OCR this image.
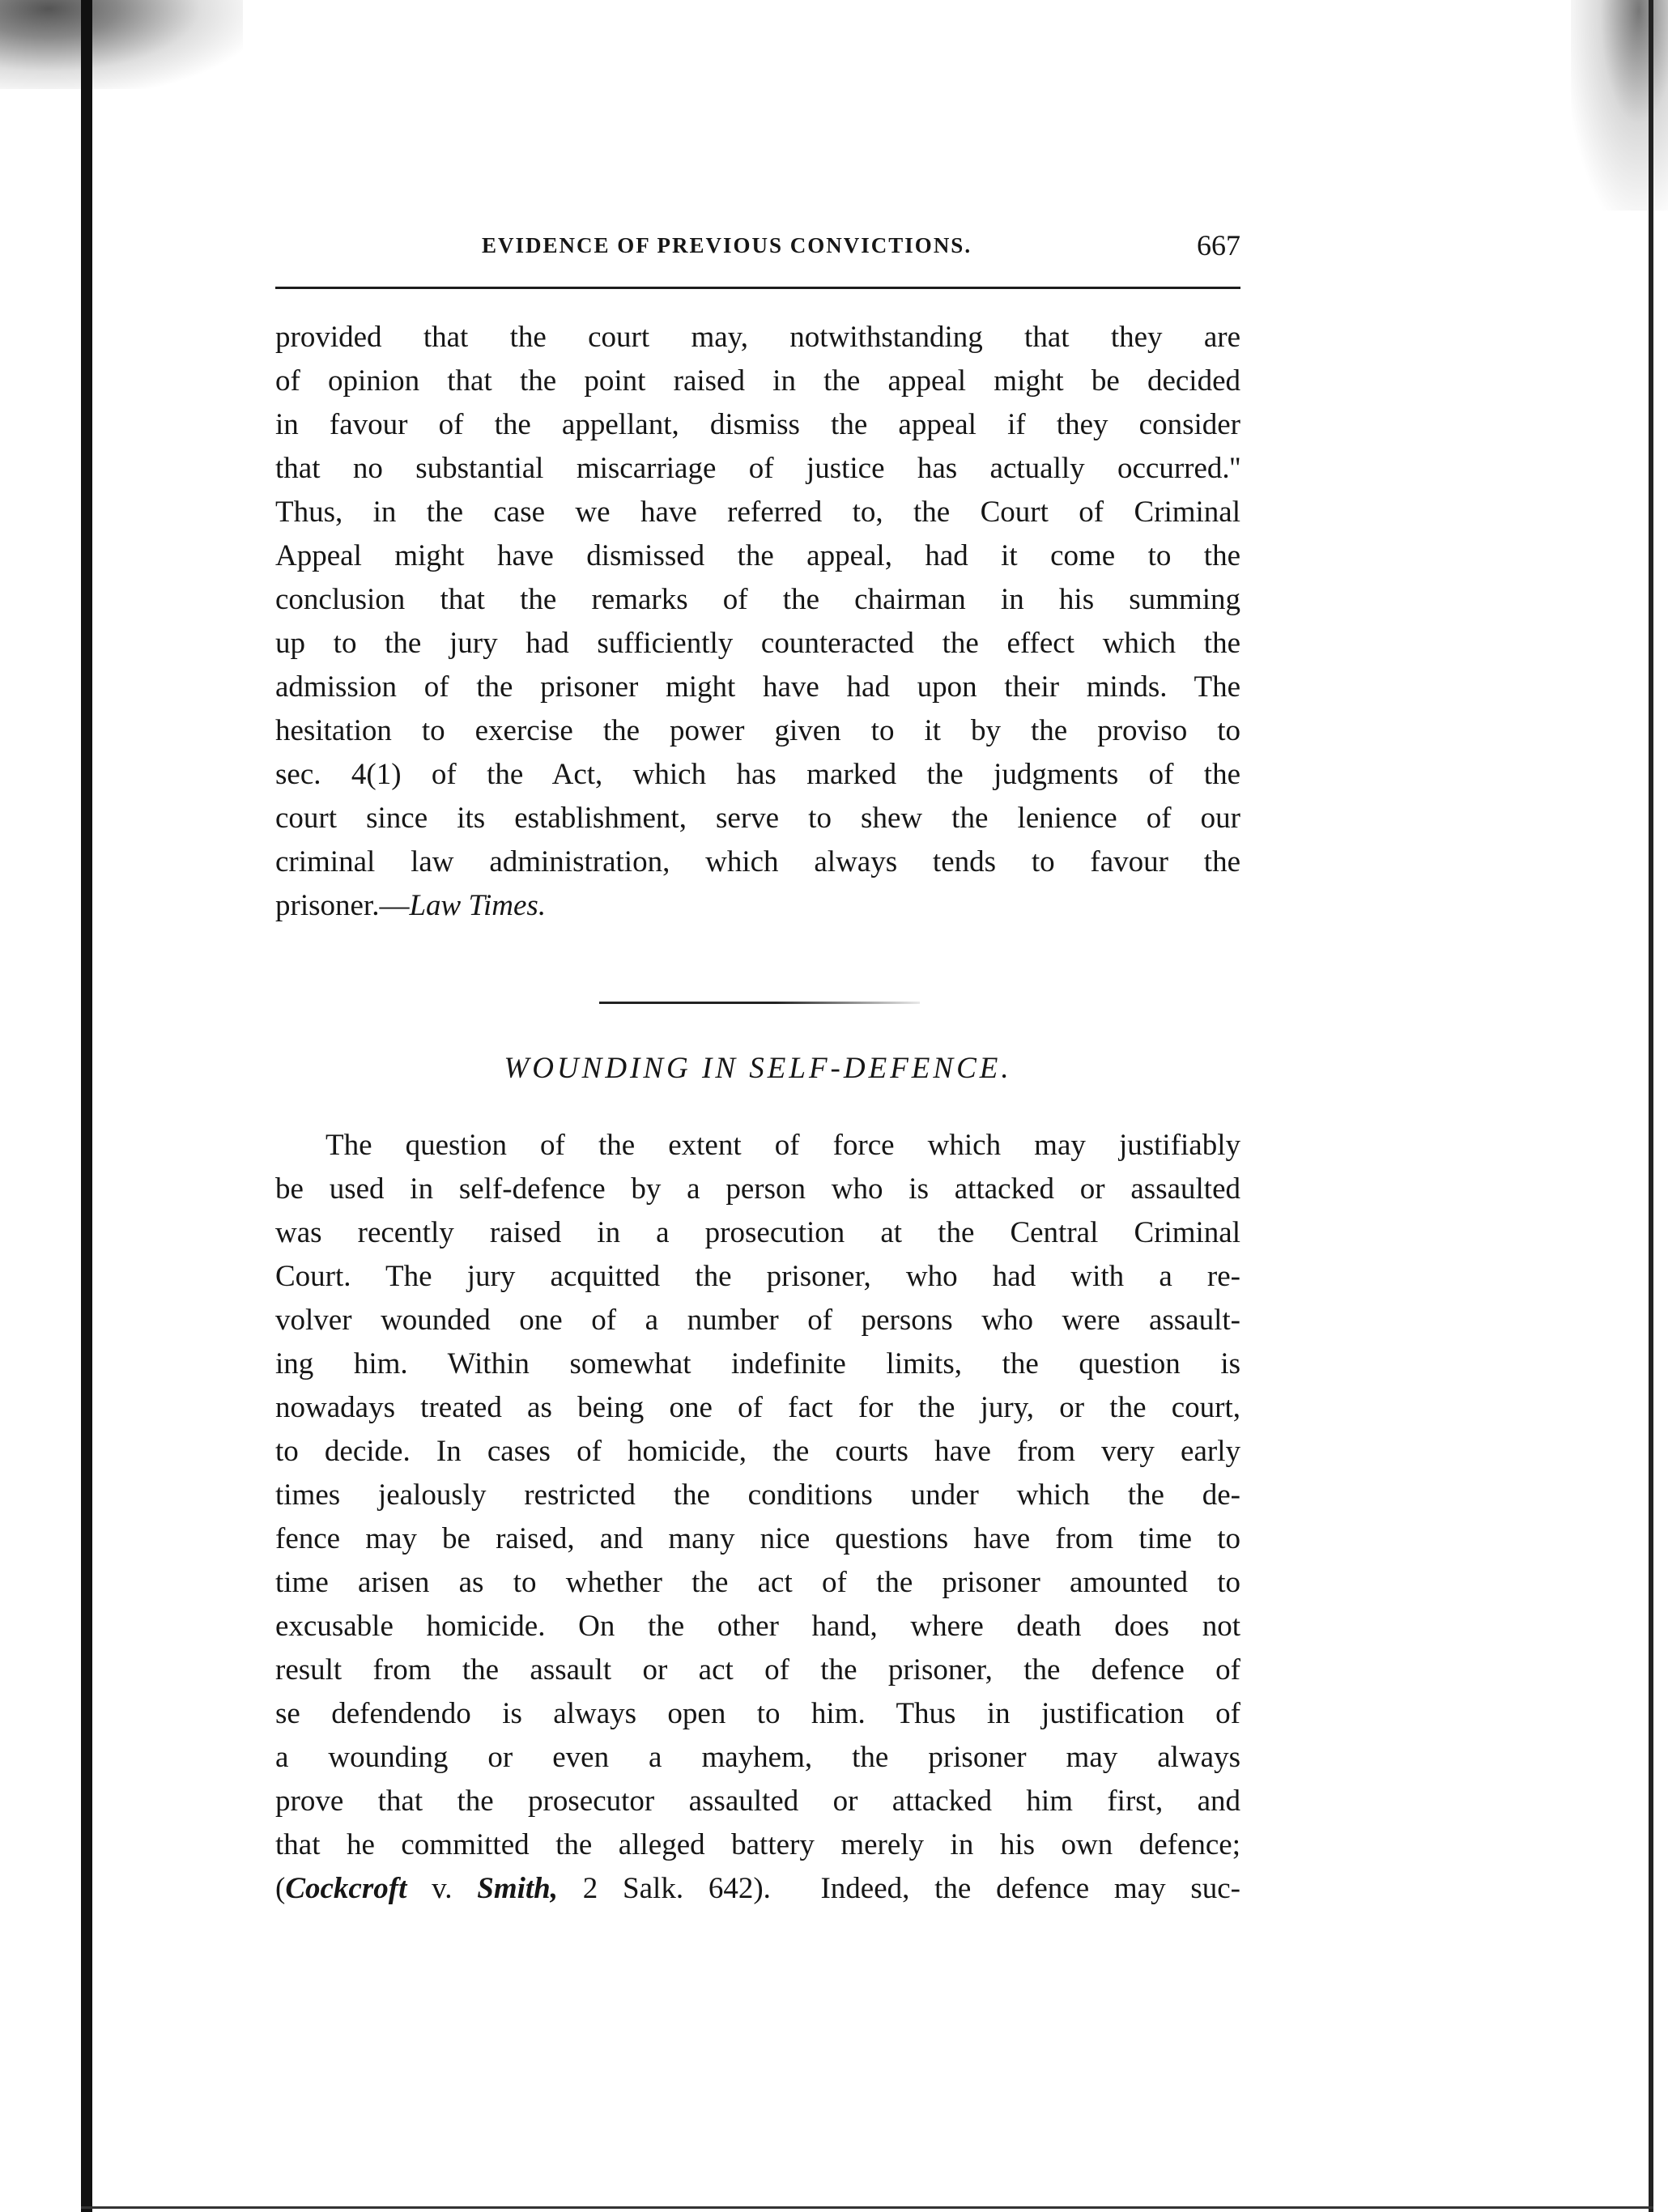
EVIDENCE OF PREVIOUS CONVICTIONS.	667
provided that the court may, notwithstanding that they are
of opinion that the point raised in the appeal might be decided
in favour of the appellant, dismiss the appeal if they consider
that no substantial miscarriage of justice has actually occurred.''
Thus, in the case we have referred to, the Court of Criminal
Appeal might have dismissed the appeal, had it come to the
conclusion that the remarks of the chairman in his summing
up to the jury had sufficiently counteracted the effect which the
admission of the prisoner might have had upon their minds. The
hesitation to exercise the power given to it by the proviso to
sec. 4(1) of the Act, which has marked the judgments of the
court since its establishment, serve to shew the lenience of our
criminal law administration, which always tends to favour the
prisoner.—Law Times.
WOUNDING IN SELF-DEFENCE.
The question of the extent of force which may justifiably
be used in self-defence by a person who is attacked or assaulted
was recently raised in a prosecution at the Central Criminal
Court. The jury acquitted the prisoner, who had with a re-
volver wounded one of a number of persons who were assault-
ing him. Within somewhat indefinite limits, the question is
nowadays treated as being one of fact for the jury, or the court,
to decide. In cases of homicide, the courts have from very early
times jealously restricted the conditions under which the de-
fence may be raised, and many nice questions have from time to
time arisen as to whether the act of the prisoner amounted to
excusable homicide. On the other hand, where death does not
result from the assault or act of the prisoner, the defence of
se defendendo is always open to him. Thus in justification of
a wounding or even a mayhem, the prisoner may always
prove that the prosecutor assaulted or attacked him first, and
that he committed the alleged battery merely in his own defence;
(Cockcroft v. Smith, 2 Salk. 642). Indeed, the defence may suc-
